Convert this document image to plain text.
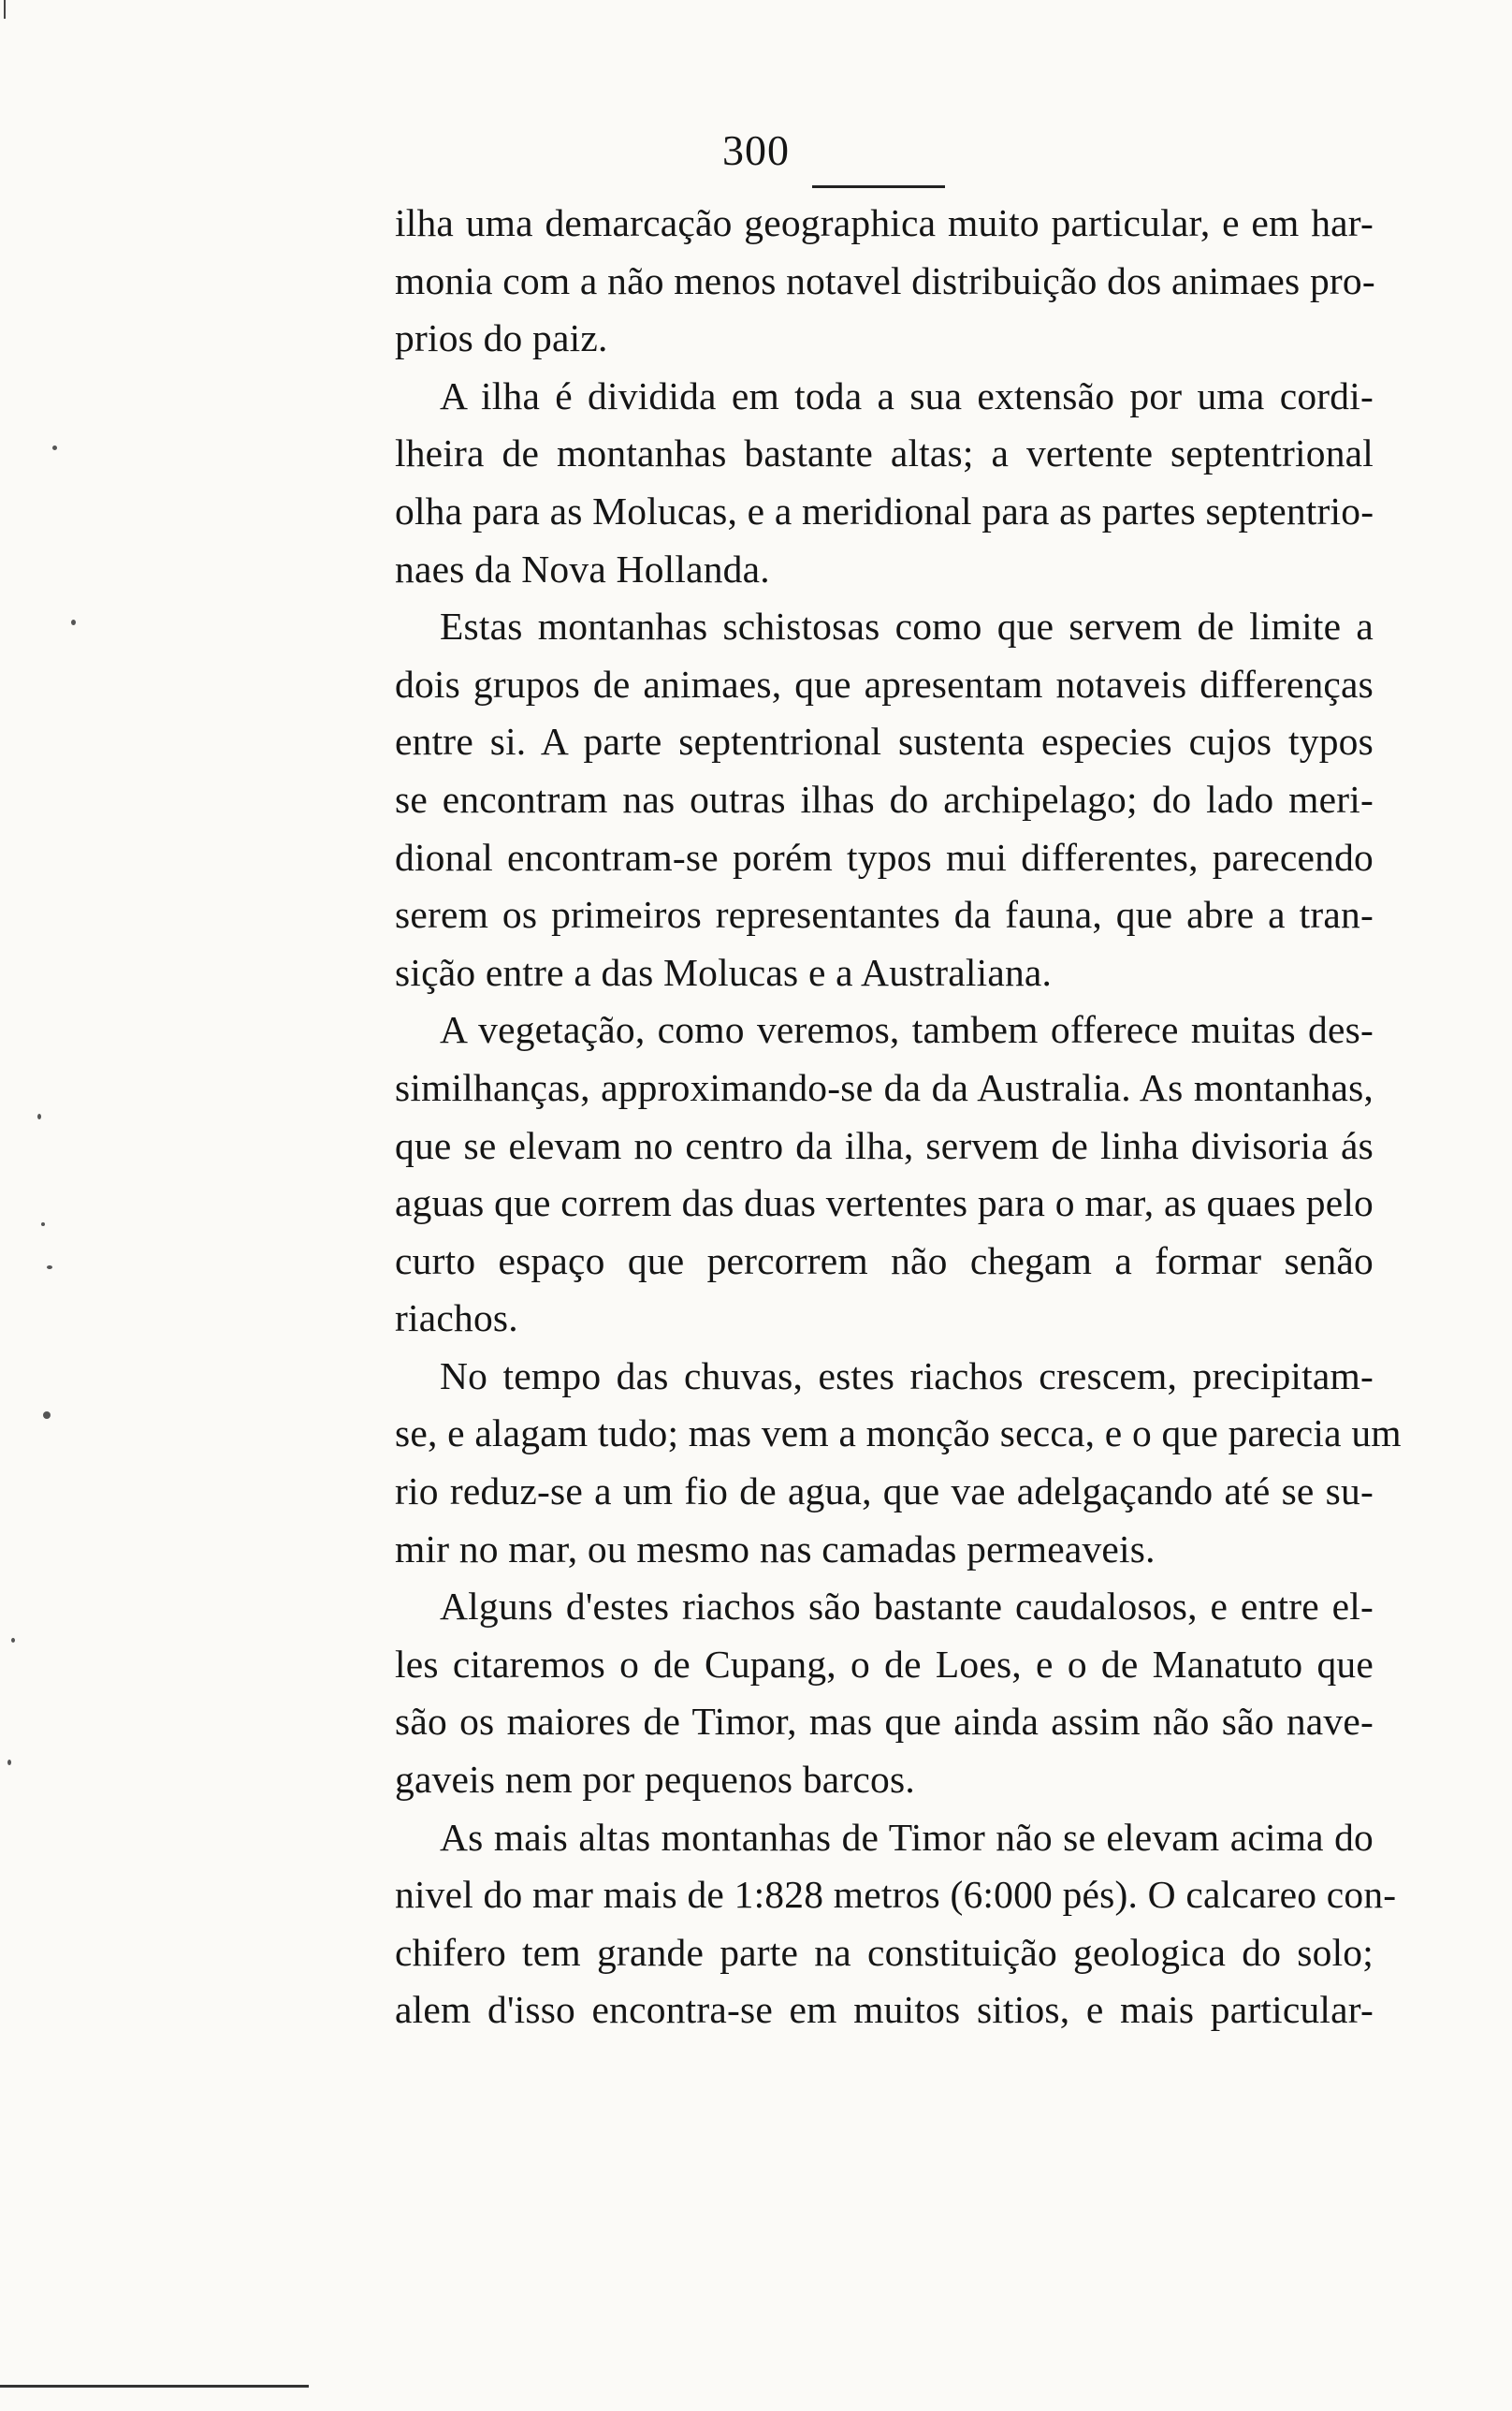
300

ilha uma demarcação geographica muito particular, e em har-
monia com a não menos notavel distribuição dos animaes pro-
prios do paiz.

A ilha é dividida em toda a sua extensão por uma cordi-
lheira de montanhas bastante altas; a vertente septentrional
olha para as Molucas, e a meridional para as partes septentrio-
naes da Nova Hollanda.

Estas montanhas schistosas como que servem de limite a
dois grupos de animaes, que apresentam notaveis differenças
entre si. A parte septentrional sustenta especies cujos typos
se encontram nas outras ilhas do archipelago; do lado meri-
dional encontram-se porém typos mui differentes, parecendo
serem os primeiros representantes da fauna, que abre a tran-
sição entre a das Molucas e a Australiana.

A vegetação, como veremos, tambem offerece muitas des-
similhanças, approximando-se da da Australia. As montanhas,
que se elevam no centro da ilha, servem de linha divisoria ás
aguas que correm das duas vertentes para o mar, as quaes pelo
curto espaço que percorrem não chegam a formar senão
riachos.

No tempo das chuvas, estes riachos crescem, precipitam-
se, e alagam tudo; mas vem a monção secca, e o que parecia um
rio reduz-se a um fio de agua, que vae adelgaçando até se su-
mir no mar, ou mesmo nas camadas permeaveis.

Alguns d'estes riachos são bastante caudalosos, e entre el-
les citaremos o de Cupang, o de Loes, e o de Manatuto que
são os maiores de Timor, mas que ainda assim não são nave-
gaveis nem por pequenos barcos.

As mais altas montanhas de Timor não se elevam acima do
nivel do mar mais de 1:828 metros (6:000 pés). O calcareo con-
chifero tem grande parte na constituição geologica do solo;
alem d'isso encontra-se em muitos sitios, e mais particular-
